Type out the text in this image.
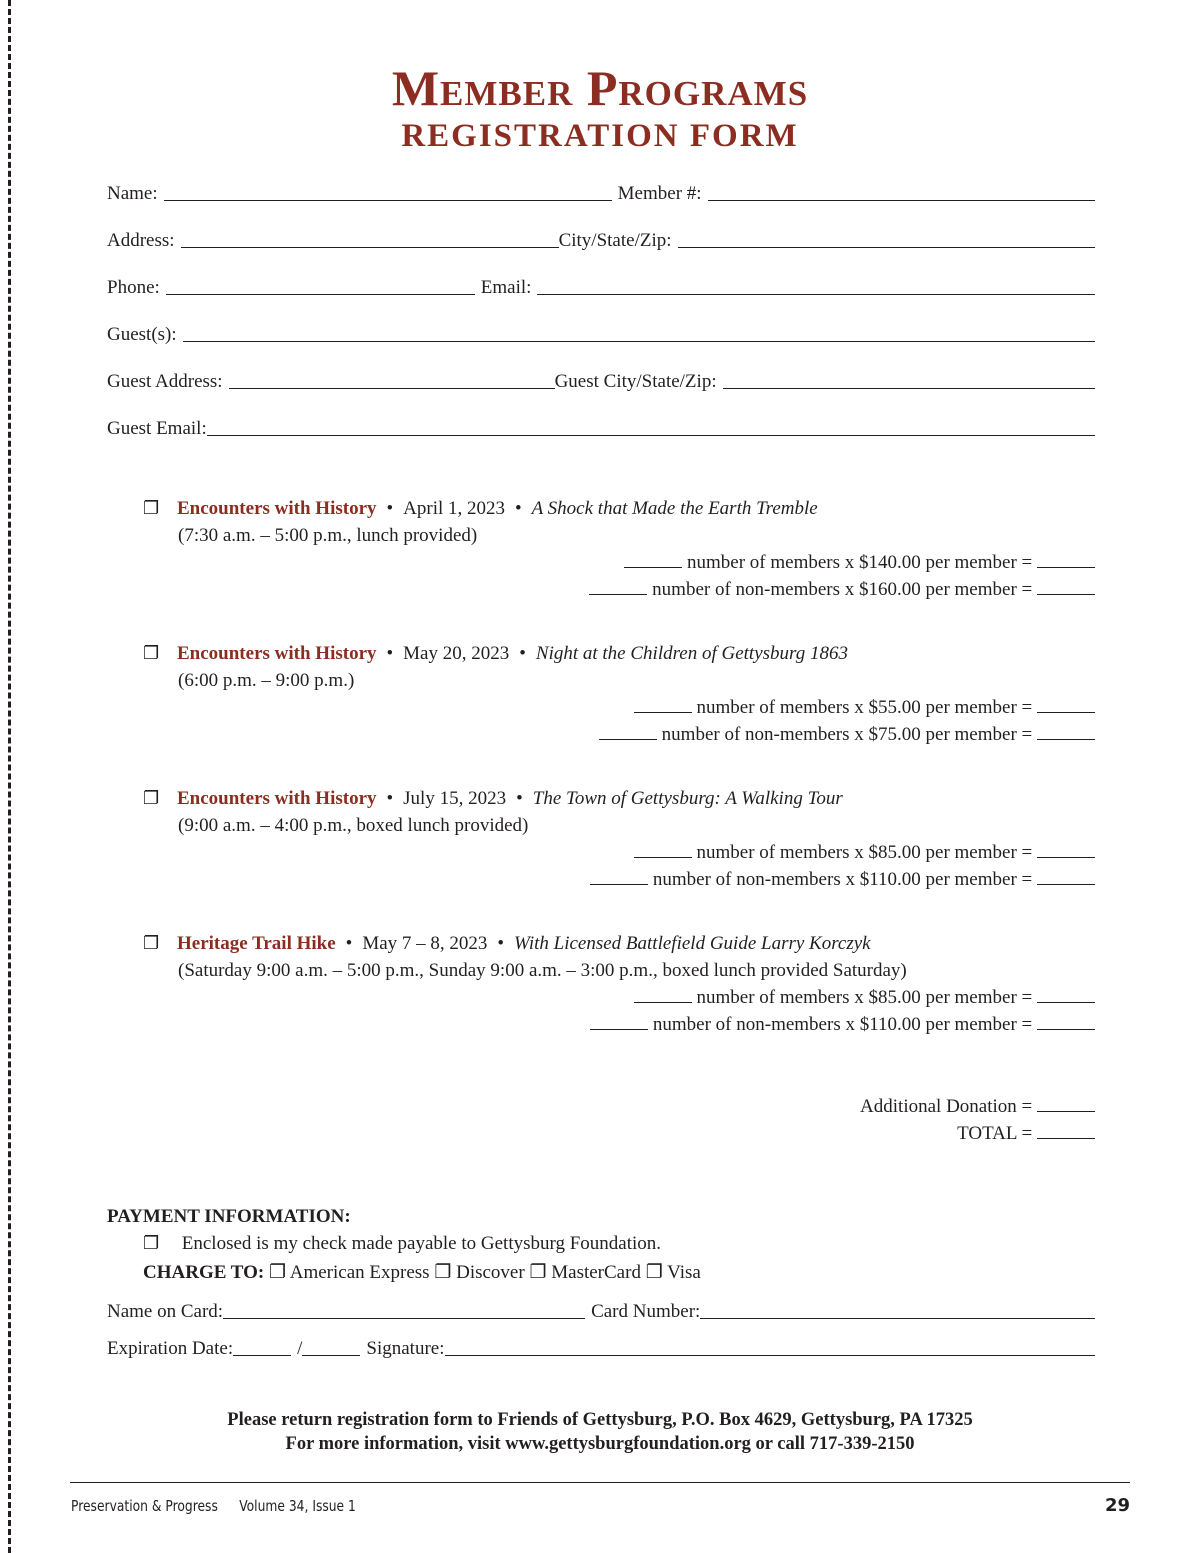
Member Programs
REGISTRATION FORM
Name:	Member #:
Address:	City/State/Zip:
Phone:	Email:
Guest(s):
Guest Address:	Guest City/State/Zip:
Guest Email:
❐ Encounters with History • April 1, 2023 • A Shock that Made the Earth Tremble
(7:30 a.m. – 5:00 p.m., lunch provided)
number of members x $140.00 per member =
number of non-members x $160.00 per member =
❐ Encounters with History • May 20, 2023 • Night at the Children of Gettysburg 1863
(6:00 p.m. – 9:00 p.m.)
number of members x $55.00 per member =
number of non-members x $75.00 per member =
❐ Encounters with History • July 15, 2023 • The Town of Gettysburg: A Walking Tour
(9:00 a.m. – 4:00 p.m., boxed lunch provided)
number of members x $85.00 per member =
number of non-members x $110.00 per member =
❐ Heritage Trail Hike • May 7 – 8, 2023 • With Licensed Battlefield Guide Larry Korczyk
(Saturday 9:00 a.m. – 5:00 p.m., Sunday 9:00 a.m. – 3:00 p.m., boxed lunch provided Saturday)
number of members x $85.00 per member =
number of non-members x $110.00 per member =
Additional Donation =
TOTAL =
PAYMENT INFORMATION:
❐ Enclosed is my check made payable to Gettysburg Foundation.
CHARGE TO: ❐ American Express ❐ Discover ❐ MasterCard ❐ Visa
Name on Card:	Card Number:
Expiration Date:	/	Signature:
Please return registration form to Friends of Gettysburg, P.O. Box 4629, Gettysburg, PA 17325
For more information, visit www.gettysburgfoundation.org or call 717-339-2150
Preservation & Progress Volume 34, Issue 1	29
